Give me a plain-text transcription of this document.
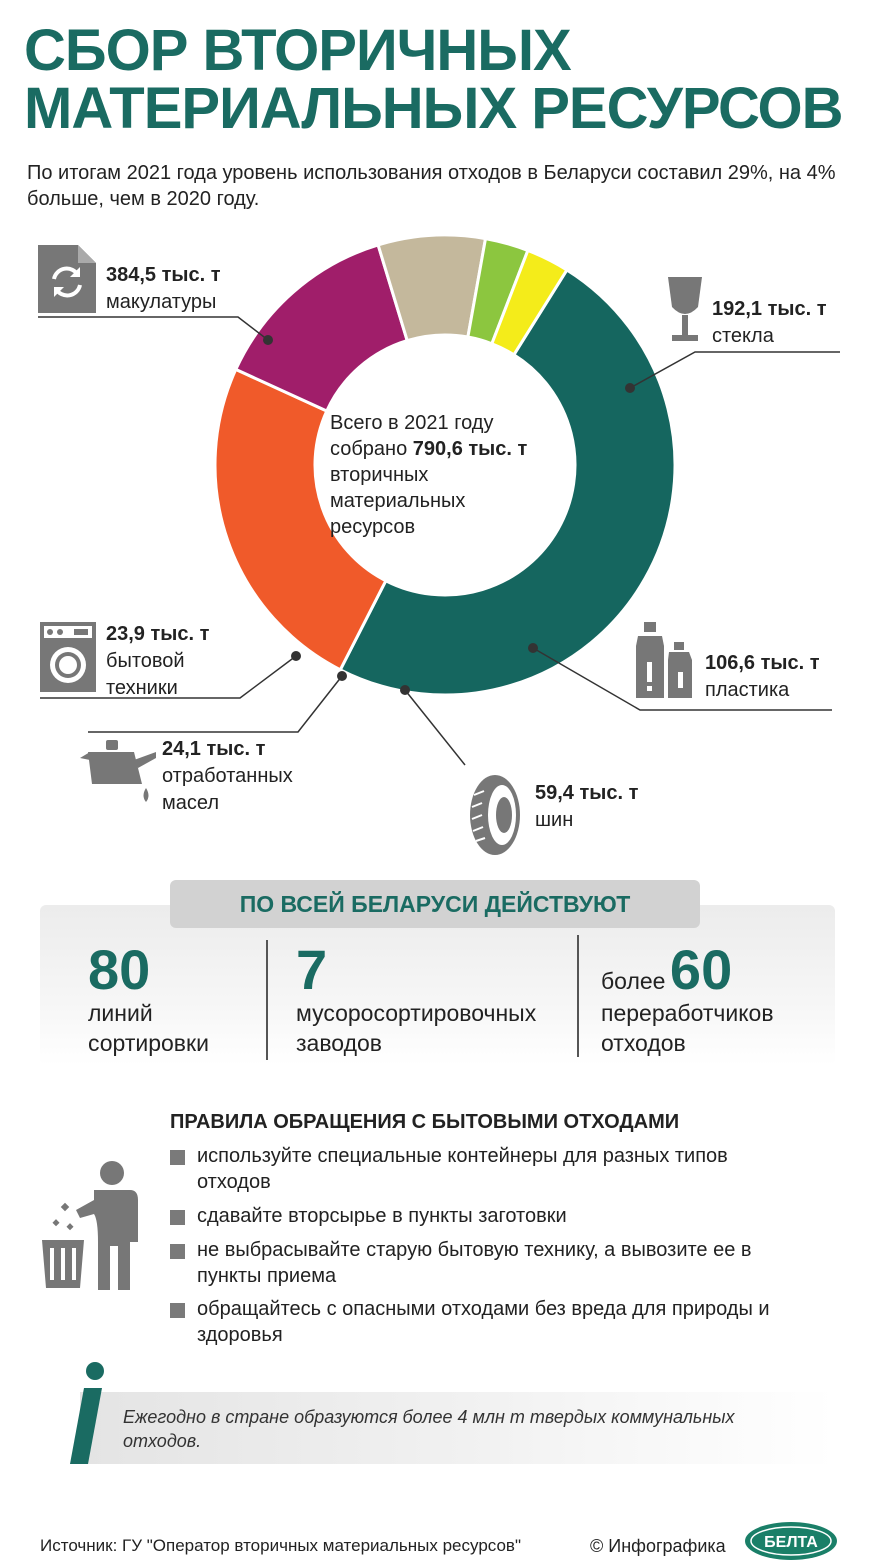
СБОР ВТОРИЧНЫХ
МАТЕРИАЛЬНЫХ РЕСУРСОВ
По итогам 2021 года уровень использования отходов в Беларуси составил 29%, на 4% больше, чем в 2020 году.
Всего в 2021 году
собрано 790,6 тыс. т
вторичных
материальных
ресурсов
384,5 тыс. т
макулатуры	192,1 тыс. т
стекла
106,6 тыс. т
пластика
59,4 тыс. т
шин
24,1 тыс. т
отработанных
масел
23,9 тыс. т
бытовой
техники
ПО ВСЕЙ БЕЛАРУСИ ДЕЙСТВУЮТ
80
линий
сортировки
7
мусоросортировочных
заводов
более 60
переработчиков
отходов
ПРАВИЛА ОБРАЩЕНИЯ С БЫТОВЫМИ ОТХОДАМИ
используйте специальные контейнеры для разных типов
отходов
сдавайте вторсырье в пункты заготовки
не выбрасывайте старую бытовую технику, а вывозите ее в
пункты приема
обращайтесь с опасными отходами без вреда для природы и
здоровья
Ежегодно в стране образуются более 4 млн т твердых коммунальных
отходов.
Источник: ГУ "Оператор вторичных материальных ресурсов"	© Инфографика БЕЛТА
